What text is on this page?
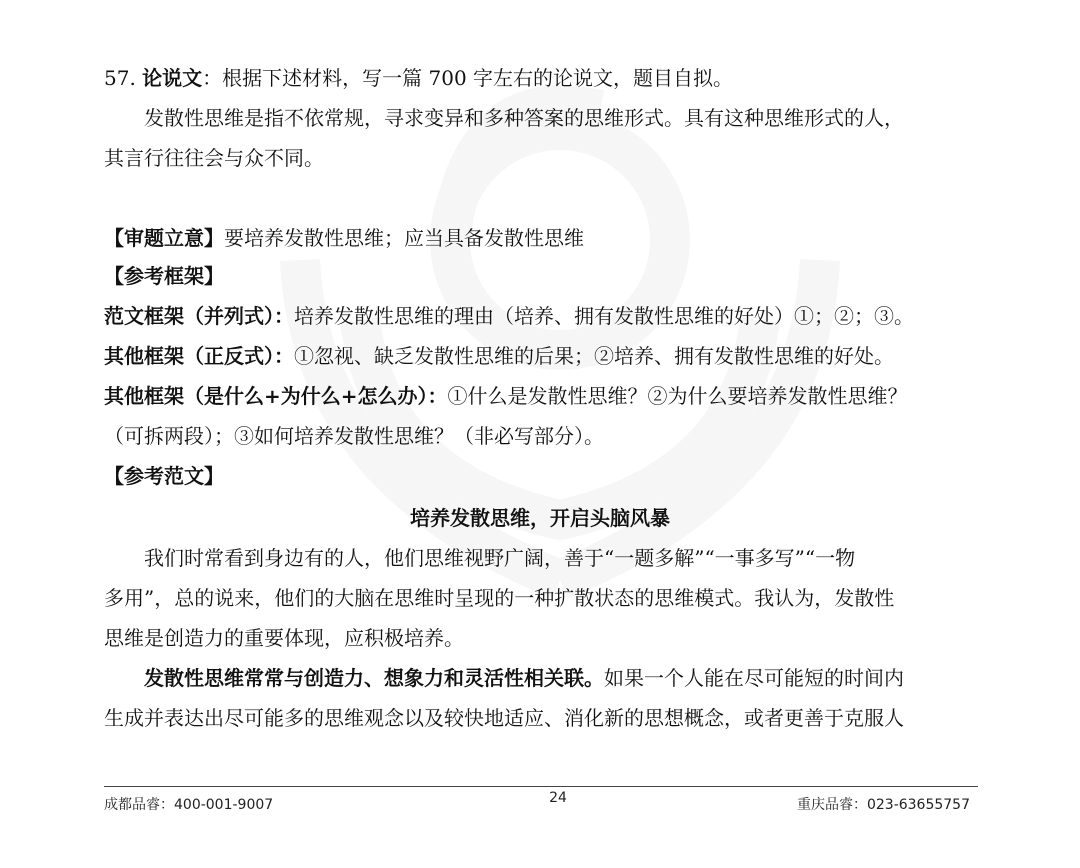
57. 论说文：根据下述材料，写一篇 700 字左右的论说文，题目自拟。
发散性思维是指不依常规，寻求变异和多种答案的思维形式。具有这种思维形式的人，
其言行往往会与众不同。
【审题立意】要培养发散性思维；应当具备发散性思维
【参考框架】
范文框架（并列式）：培养发散性思维的理由（培养、拥有发散性思维的好处）①；②；③。
其他框架（正反式）：①忽视、缺乏发散性思维的后果；②培养、拥有发散性思维的好处。
其他框架（是什么+为什么+怎么办）：①什么是发散性思维？②为什么要培养发散性思维？
（可拆两段）；③如何培养发散性思维？（非必写部分）。
【参考范文】
培养发散思维，开启头脑风暴
我们时常看到身边有的人，他们思维视野广阔，善于“一题多解”“一事多写”“一物
多用”，总的说来，他们的大脑在思维时呈现的一种扩散状态的思维模式。我认为，发散性
思维是创造力的重要体现，应积极培养。
发散性思维常常与创造力、想象力和灵活性相关联。如果一个人能在尽可能短的时间内
生成并表达出尽可能多的思维观念以及较快地适应、消化新的思想概念，或者更善于克服人
成都品睿：400-001-9007	24	重庆品睿：023-63655757
